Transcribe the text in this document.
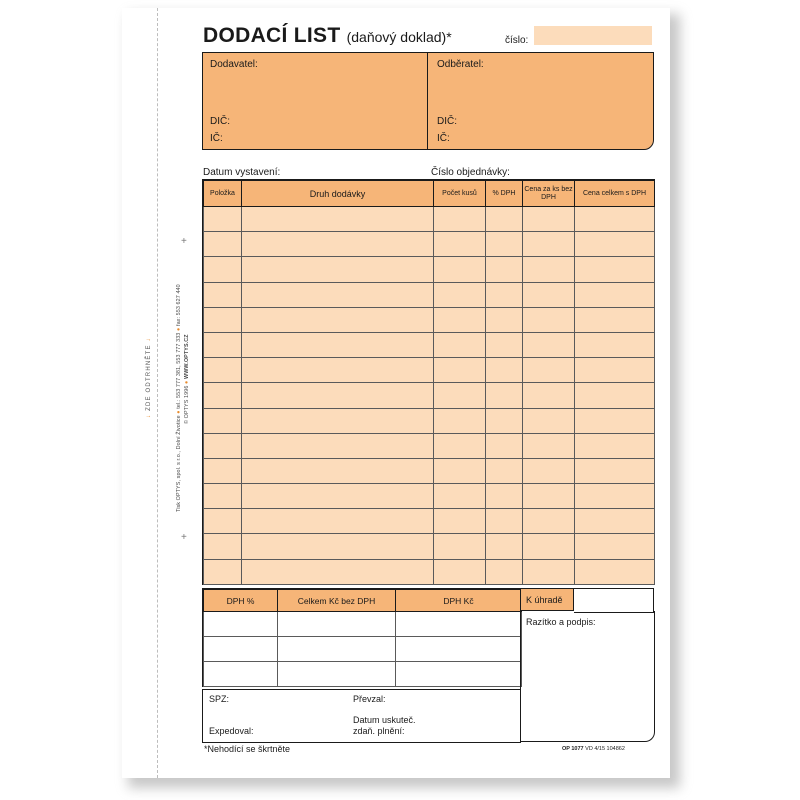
↓ ZDE ODTRHNĚTE ↓
Tisk OPTYS, spol. s r.o., Dolní Životice ● tel.: 553 777 381, 553 777 333 ● fax: 553 627 440
© OPTYS 1996 ● WWW.OPTYS.CZ
+
+
DODACÍ LIST (daňový doklad)*	číslo:
Dodavatel:
DIČ:
IČ:
Odběratel:
DIČ:
IČ:
Datum vystavení:	Číslo objednávky:
Položka	Druh dodávky	Počet kusů	% DPH	Cena za ks bez DPH	Cena celkem s DPH

DPH %	Celkem Kč bez DPH	DPH Kč

			K úhradě
Razítko a podpis:
SPZ:	Převzal:
Expedoval:
Datum uskuteč.
zdaň. plnění:
*Nehodící se škrtněte	OP 1077 VD 4/15 104862
